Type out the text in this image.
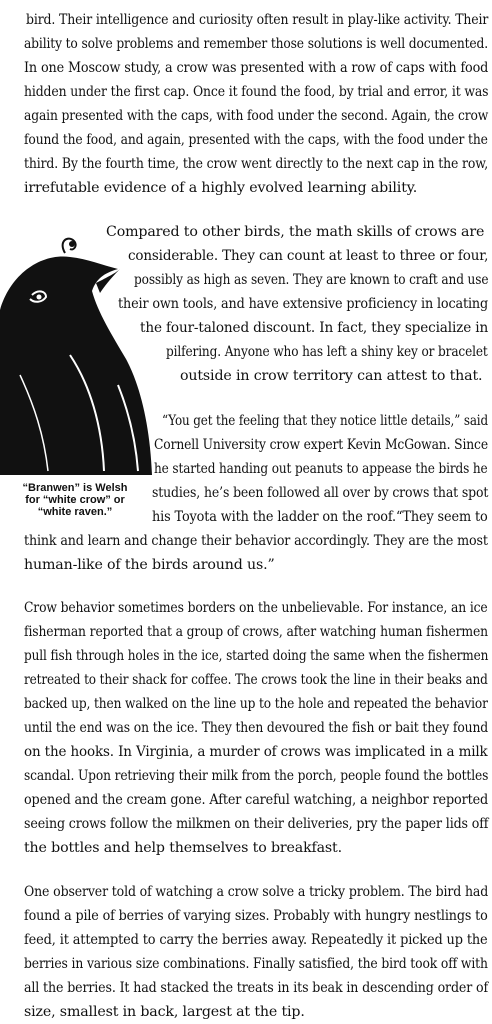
bird. Their intelligence and curiosity often result in play-like activity. Their
ability to solve problems and remember those solutions is well documented.
In one Moscow study, a crow was presented with a row of caps with food
hidden under the first cap. Once it found the food, by trial and error, it was
again presented with the caps, with food under the second. Again, the crow
found the food, and again, presented with the caps, with the food under the
third. By the fourth time, the crow went directly to the next cap in the row,
irrefutable evidence of a highly evolved learning ability.
Compared to other birds, the math skills of crows are
considerable. They can count at least to three or four,
possibly as high as seven. They are known to craft and use
their own tools, and have extensive proficiency in locating
the four-taloned discount. In fact, they specialize in
pilfering. Anyone who has left a shiny key or bracelet
outside in crow territory can attest to that.
“You get the feeling that they notice little details,” said
Cornell University crow expert Kevin McGowan. Since
he started handing out peanuts to appease the birds he
studies, he’s been followed all over by crows that spot
his Toyota with the ladder on the roof.“They seem to
think and learn and change their behavior accordingly. They are the most
human-like of the birds around us.”
Crow behavior sometimes borders on the unbelievable. For instance, an ice
fisherman reported that a group of crows, after watching human fishermen
pull fish through holes in the ice, started doing the same when the fishermen
retreated to their shack for coffee. The crows took the line in their beaks and
backed up, then walked on the line up to the hole and repeated the behavior
until the end was on the ice. They then devoured the fish or bait they found
on the hooks. In Virginia, a murder of crows was implicated in a milk
scandal. Upon retrieving their milk from the porch, people found the bottles
opened and the cream gone. After careful watching, a neighbor reported
seeing crows follow the milkmen on their deliveries, pry the paper lids off
the bottles and help themselves to breakfast.
One observer told of watching a crow solve a tricky problem. The bird had
found a pile of berries of varying sizes. Probably with hungry nestlings to
feed, it attempted to carry the berries away. Repeatedly it picked up the
berries in various size combinations. Finally satisfied, the bird took off with
all the berries. It had stacked the treats in its beak in descending order of
size, smallest in back, largest at the tip.
“Branwen” is Welsh
for “white crow” or
“white raven.”
